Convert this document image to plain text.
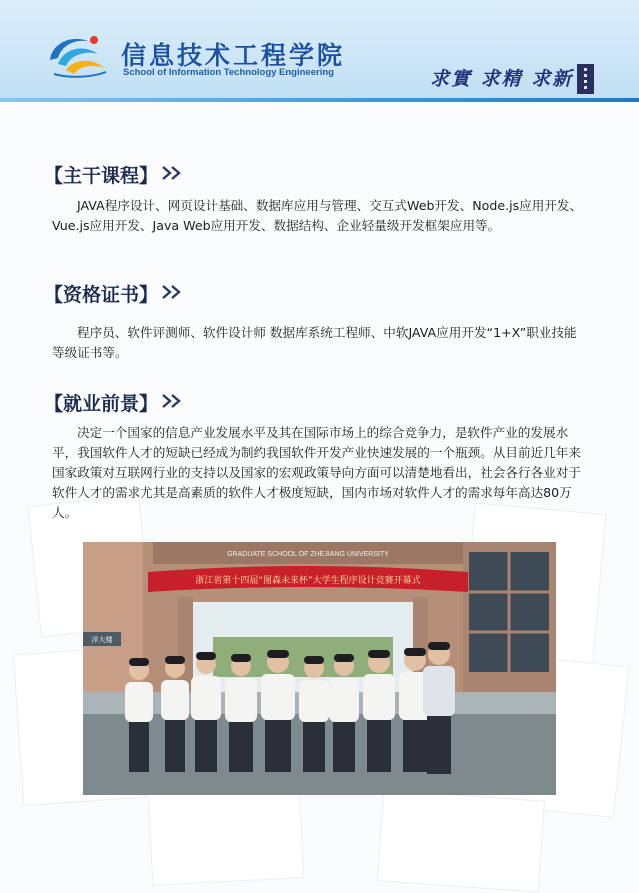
信息技术工程学院
School of Information Technology Engineering	求實 求精 求新
【主干课程】

JAVA程序设计、网页设计基础、数据库应用与管理、交互式Web开发、Node.js应用开发、Vue.js应用开发、Java Web应用开发、数据结构、企业轻量级开发框架应用等。

【资格证书】

程序员、软件评测师、软件设计师 数据库系统工程师、中软JAVA应用开发“1+X”职业技能等级证书等。

【就业前景】

决定一个国家的信息产业发展水平及其在国际市场上的综合竞争力，是软件产业的发展水平，我国软件人才的短缺已经成为制约我国软件开发产业快速发展的一个瓶颈。从目前近几年来国家政策对互联网行业的支持以及国家的宏观政策导向方面可以清楚地看出，社会各行各业对于软件人才的需求尤其是高素质的软件人才极度短缺，国内市场对软件人才的需求每年高达80万人。

GRADUATE SCHOOL OF ZHEJIANG UNIVERSITY
浙江省第十四届“图森未来杯”大学生程序设计竞赛开幕式
洋大楼
